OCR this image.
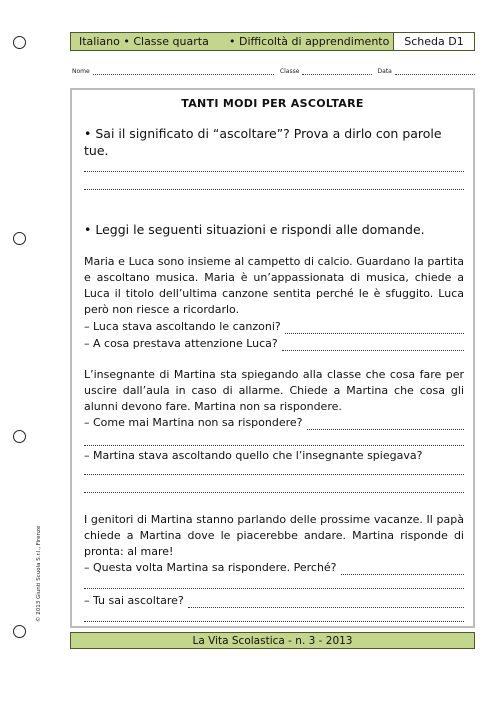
Italiano • Classe quarta	• Difficoltà di apprendimento	Scheda D1
Nome	Classe	Data
TANTI MODI PER ASCOLTARE
• Sai il significato di “ascoltare”? Prova a dirlo con parole tue.
• Leggi le seguenti situazioni e rispondi alle domande.
Maria e Luca sono insieme al campetto di calcio. Guardano la partita e ascoltano musica. Maria è un’appassionata di musica, chiede a Luca il titolo dell’ultima canzone sentita perché le è sfuggito. Luca però non riesce a ricordarlo.
– Luca stava ascoltando le canzoni?
– A cosa prestava attenzione Luca?
L’insegnante di Martina sta spiegando alla classe che cosa fare per uscire dall’aula in caso di allarme. Chiede a Martina che cosa gli alunni devono fare. Martina non sa rispondere.
– Come mai Martina non sa rispondere?
– Martina stava ascoltando quello che l’insegnante spiegava?
I genitori di Martina stanno parlando delle prossime vacanze. Il papà chiede a Martina dove le piacerebbe andare. Martina risponde di pronta: al mare!
– Questa volta Martina sa rispondere. Perché?
– Tu sai ascoltare?
© 2013 Giunti Scuola S.r.l., Firenze
La Vita Scolastica - n. 3 - 2013
